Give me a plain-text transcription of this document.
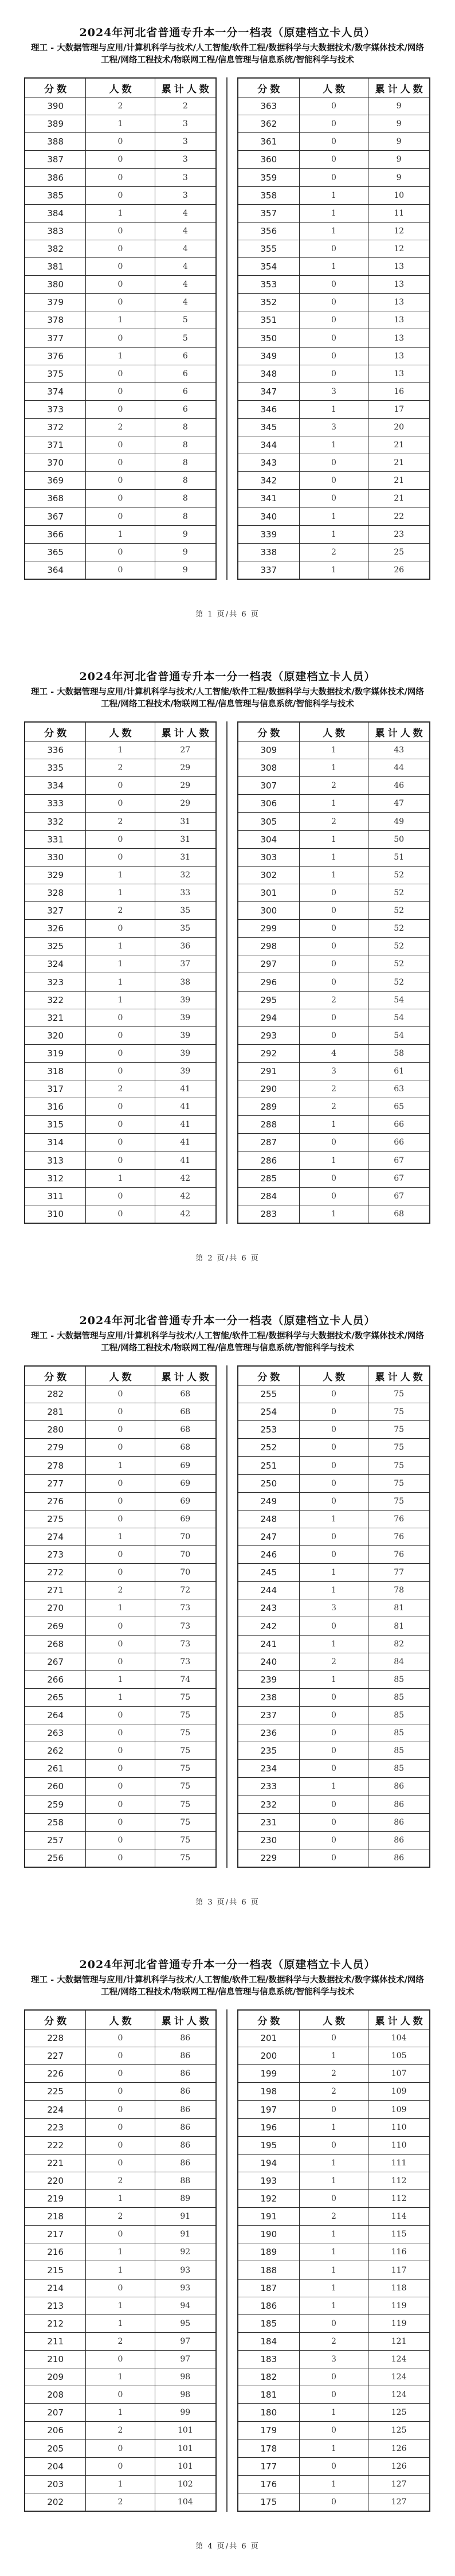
2024年河北省普通专升本一分一档表（原建档立卡人员）
理工 - 大数据管理与应用/计算机科学与技术/人工智能/软件工程/数据科学与大数据技术/数字媒体技术/网络工程/网络工程技术/物联网工程/信息管理与信息系统/智能科学与技术
分数	人数	累计人数
390	2	2
389	1	3
388	0	3
387	0	3
386	0	3
385	0	3
384	1	4
383	0	4
382	0	4
381	0	4
380	0	4
379	0	4
378	1	5
377	0	5
376	1	6
375	0	6
374	0	6
373	0	6
372	2	8
371	0	8
370	0	8
369	0	8
368	0	8
367	0	8
366	1	9
365	0	9
364	0	9
分数	人数	累计人数
363	0	9
362	0	9
361	0	9
360	0	9
359	0	9
358	1	10
357	1	11
356	1	12
355	0	12
354	1	13
353	0	13
352	0	13
351	0	13
350	0	13
349	0	13
348	0	13
347	3	16
346	1	17
345	3	20
344	1	21
343	0	21
342	0	21
341	0	21
340	1	22
339	1	23
338	2	25
337	1	26
第 1 页/共 6 页
2024年河北省普通专升本一分一档表（原建档立卡人员）
理工 - 大数据管理与应用/计算机科学与技术/人工智能/软件工程/数据科学与大数据技术/数字媒体技术/网络工程/网络工程技术/物联网工程/信息管理与信息系统/智能科学与技术
分数	人数	累计人数
336	1	27
335	2	29
334	0	29
333	0	29
332	2	31
331	0	31
330	0	31
329	1	32
328	1	33
327	2	35
326	0	35
325	1	36
324	1	37
323	1	38
322	1	39
321	0	39
320	0	39
319	0	39
318	0	39
317	2	41
316	0	41
315	0	41
314	0	41
313	0	41
312	1	42
311	0	42
310	0	42
分数	人数	累计人数
309	1	43
308	1	44
307	2	46
306	1	47
305	2	49
304	1	50
303	1	51
302	1	52
301	0	52
300	0	52
299	0	52
298	0	52
297	0	52
296	0	52
295	2	54
294	0	54
293	0	54
292	4	58
291	3	61
290	2	63
289	2	65
288	1	66
287	0	66
286	1	67
285	0	67
284	0	67
283	1	68
第 2 页/共 6 页
2024年河北省普通专升本一分一档表（原建档立卡人员）
理工 - 大数据管理与应用/计算机科学与技术/人工智能/软件工程/数据科学与大数据技术/数字媒体技术/网络工程/网络工程技术/物联网工程/信息管理与信息系统/智能科学与技术
分数	人数	累计人数
282	0	68
281	0	68
280	0	68
279	0	68
278	1	69
277	0	69
276	0	69
275	0	69
274	1	70
273	0	70
272	0	70
271	2	72
270	1	73
269	0	73
268	0	73
267	0	73
266	1	74
265	1	75
264	0	75
263	0	75
262	0	75
261	0	75
260	0	75
259	0	75
258	0	75
257	0	75
256	0	75
分数	人数	累计人数
255	0	75
254	0	75
253	0	75
252	0	75
251	0	75
250	0	75
249	0	75
248	1	76
247	0	76
246	0	76
245	1	77
244	1	78
243	3	81
242	0	81
241	1	82
240	2	84
239	1	85
238	0	85
237	0	85
236	0	85
235	0	85
234	0	85
233	1	86
232	0	86
231	0	86
230	0	86
229	0	86
第 3 页/共 6 页
2024年河北省普通专升本一分一档表（原建档立卡人员）
理工 - 大数据管理与应用/计算机科学与技术/人工智能/软件工程/数据科学与大数据技术/数字媒体技术/网络工程/网络工程技术/物联网工程/信息管理与信息系统/智能科学与技术
分数	人数	累计人数
228	0	86
227	0	86
226	0	86
225	0	86
224	0	86
223	0	86
222	0	86
221	0	86
220	2	88
219	1	89
218	2	91
217	0	91
216	1	92
215	1	93
214	0	93
213	1	94
212	1	95
211	2	97
210	0	97
209	1	98
208	0	98
207	1	99
206	2	101
205	0	101
204	0	101
203	1	102
202	2	104
分数	人数	累计人数
201	0	104
200	1	105
199	2	107
198	2	109
197	0	109
196	1	110
195	0	110
194	1	111
193	1	112
192	0	112
191	2	114
190	1	115
189	1	116
188	1	117
187	1	118
186	1	119
185	0	119
184	2	121
183	3	124
182	0	124
181	0	124
180	1	125
179	0	125
178	1	126
177	0	126
176	1	127
175	0	127
第 4 页/共 6 页
